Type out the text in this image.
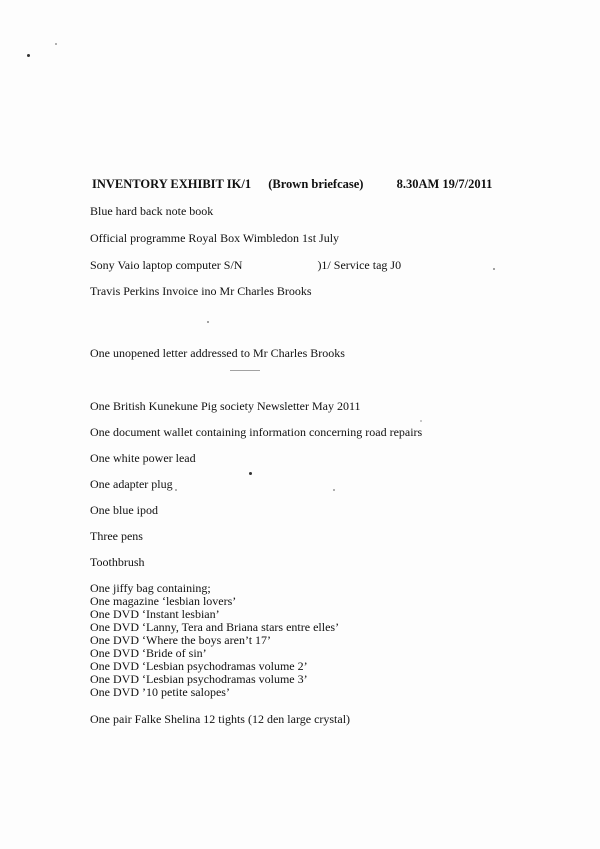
INVENTORY EXHIBIT IK/1 (Brown briefcase)	8.30AM 19/7/2011
Blue hard back note book
Official programme Royal Box Wimbledon 1st July
Sony Vaio laptop computer S/N	)1/ Service tag J0
Travis Perkins Invoice ino Mr Charles Brooks
One unopened letter addressed to Mr Charles Brooks
One British Kunekune Pig society Newsletter May 2011
One document wallet containing information concerning road repairs
One white power lead
One adapter plug
One blue ipod
Three pens
Toothbrush
One jiffy bag containing;
One magazine ‘lesbian lovers’
One DVD ‘Instant lesbian’
One DVD ‘Lanny, Tera and Briana stars entre elles’
One DVD ‘Where the boys aren’t 17’
One DVD ‘Bride of sin’
One DVD ‘Lesbian psychodramas volume 2’
One DVD ‘Lesbian psychodramas volume 3’
One DVD ’10 petite salopes’
One pair Falke Shelina 12 tights (12 den large crystal)
